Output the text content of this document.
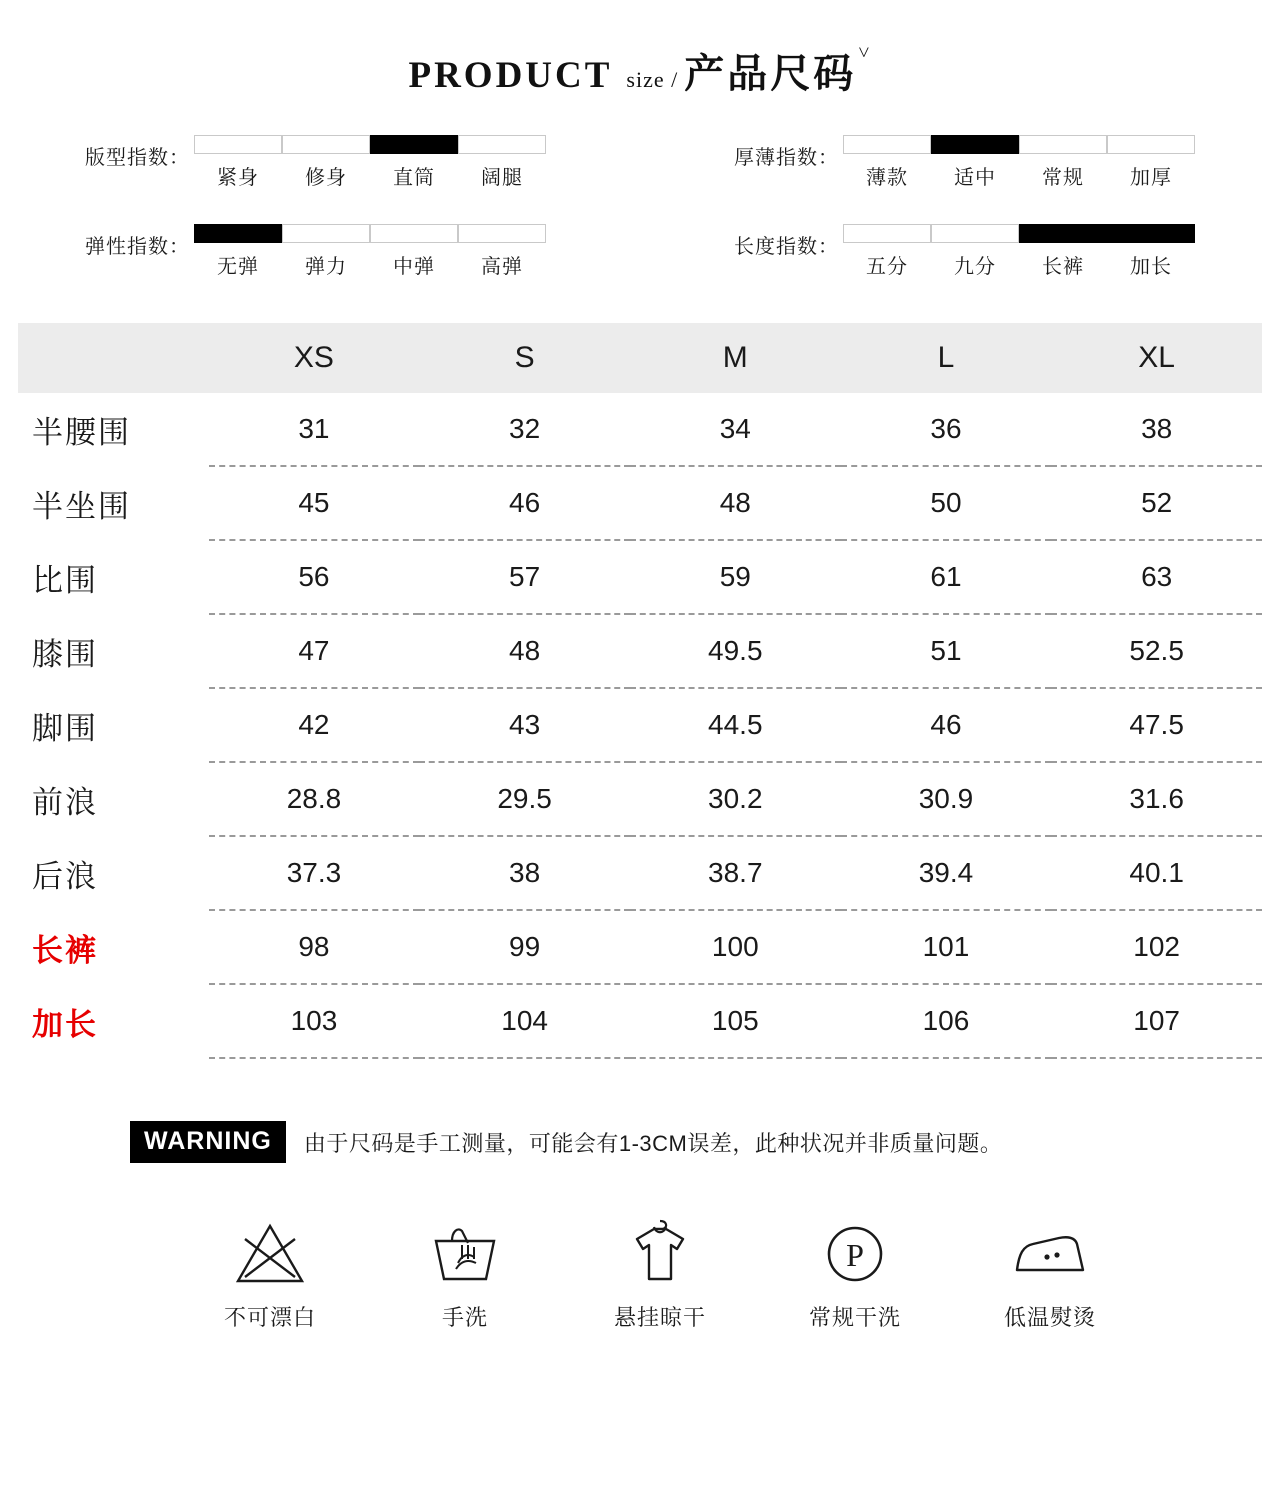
PRODUCT size / 产品尺码 ˅
版型指数：
紧身	修身	直筒	阔腿
厚薄指数：
薄款	适中	常规	加厚
弹性指数：
无弹	弹力	中弹	高弹
长度指数：
五分	九分	长裤	加长
	XS	S	M	L	XL
半腰围	31	32	34	36	38
半坐围	45	46	48	50	52
比围	56	57	59	61	63
膝围	47	48	49.5	51	52.5
脚围	42	43	44.5	46	47.5
前浪	28.8	29.5	30.2	30.9	31.6
后浪	37.3	38	38.7	39.4	40.1
长裤	98	99	100	101	102
加长	103	104	105	106	107
WARNING	由于尺码是手工测量，可能会有1-3CM误差，此种状况并非质量问题。
不可漂白	手洗	悬挂晾干
P
常规干洗	低温熨烫
